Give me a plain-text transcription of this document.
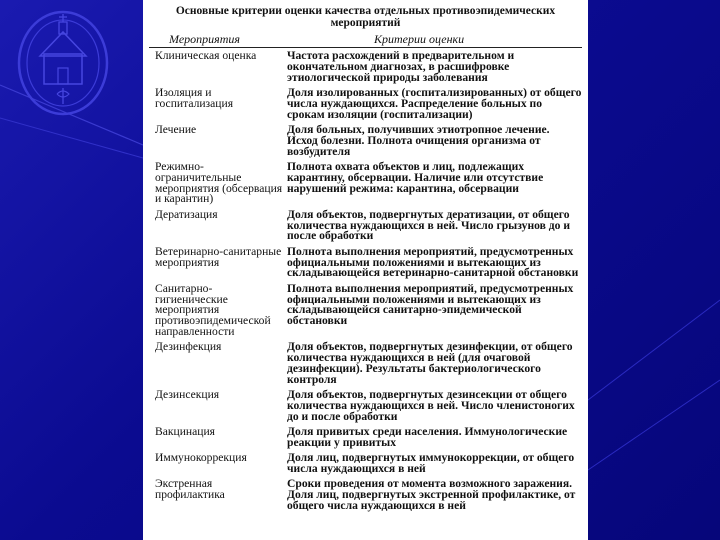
Основные критерии оценки качества отдельных противоэпидемических мероприятий
Мероприятия	Критерии оценки
Клиническая оценка	Частота расхождений в предварительном и окончательном диагнозах, в расшифровке этиологической природы заболевания
Изоляция и госпитализация	Доля изолированных (госпитализированных) от общего числа нуждающихся. Распределение больных по срокам изоляции (госпитализации)
Лечение	Доля больных, получивших этиотропное лечение. Исход болезни. Полнота очищения организма от возбудителя
Режимно-ограничительные мероприятия (обсервация и карантин)	Полнота охвата объектов и лиц, подлежащих карантину, обсервации. Наличие или отсутствие нарушений режима: карантина, обсервации
Дератизация	Доля объектов, подвергнутых дератизации, от общего количества нуждающихся в ней. Число грызунов до и после обработки
Ветеринарно-санитарные мероприятия	Полнота выполнения мероприятий, предусмотренных официальными положениями и вытекающих из складывающейся ветеринарно-санитарной обстановки
Санитарно-гигиенические мероприятия противоэпидемической направленности	Полнота выполнения мероприятий, предусмотренных официальными положениями и вытекающих из складывающейся санитарно-эпидемической обстановки
Дезинфекция	Доля объектов, подвергнутых дезинфекции, от общего количества нуждающихся в ней (для очаговой дезинфекции). Результаты бактериологического контроля
Дезинсекция	Доля объектов, подвергнутых дезинсекции от общего количества нуждающихся в ней. Число членистоногих до и после обработки
Вакцинация	Доля привитых среди населения. Иммунологические реакции у привитых
Иммунокоррекция	Доля лиц, подвергнутых иммунокоррекции, от общего числа нуждающихся в ней
Экстренная профилактика	Сроки проведения от момента возможного заражения. Доля лиц, подвергнутых экстренной профилактике, от общего числа нуждающихся в ней
